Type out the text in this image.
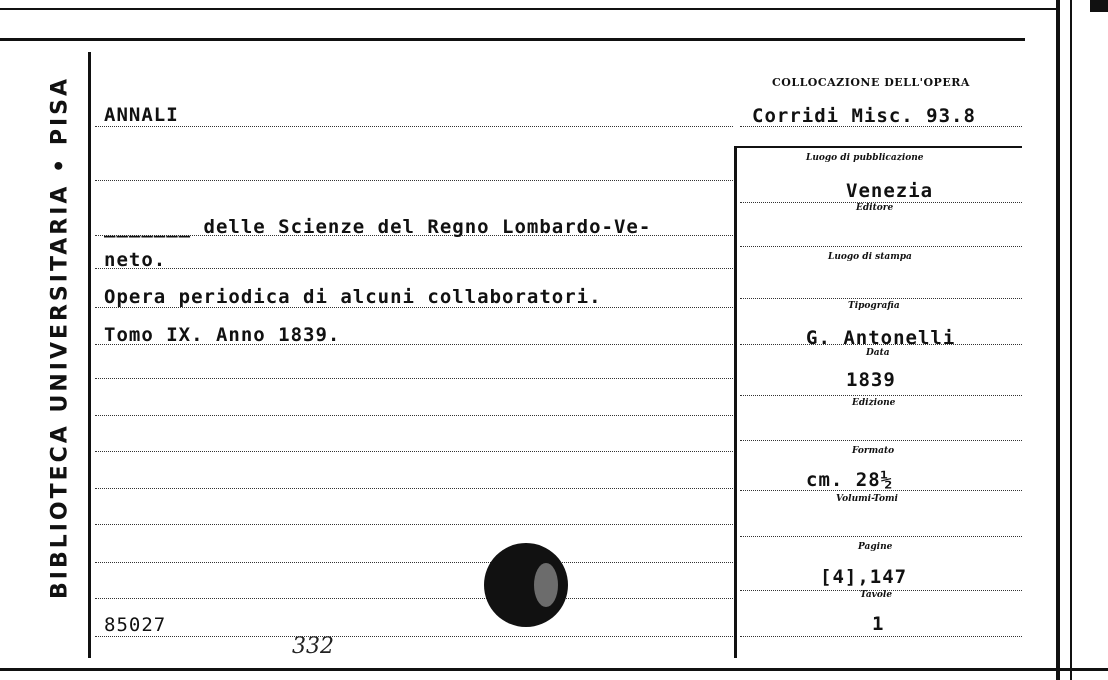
BIBLIOTECA UNIVERSITARIA • PISA	COLLOCAZIONE DELL'OPERA
Corridi Misc. 93.8
ANNALI
_______ delle Scienze del Regno Lombardo-Ve-
neto.
Opera periodica di alcuni collaboratori.
Tomo IX. Anno 1839.
85027
332
Luogo di pubblicazione
Venezia
Editore
Luogo di stampa
Tipografia
G. Antonelli
Data
1839
Edizione
Formato
cm. 28½
Volumi-Tomi
Pagine
[4],147
Tavole
1
